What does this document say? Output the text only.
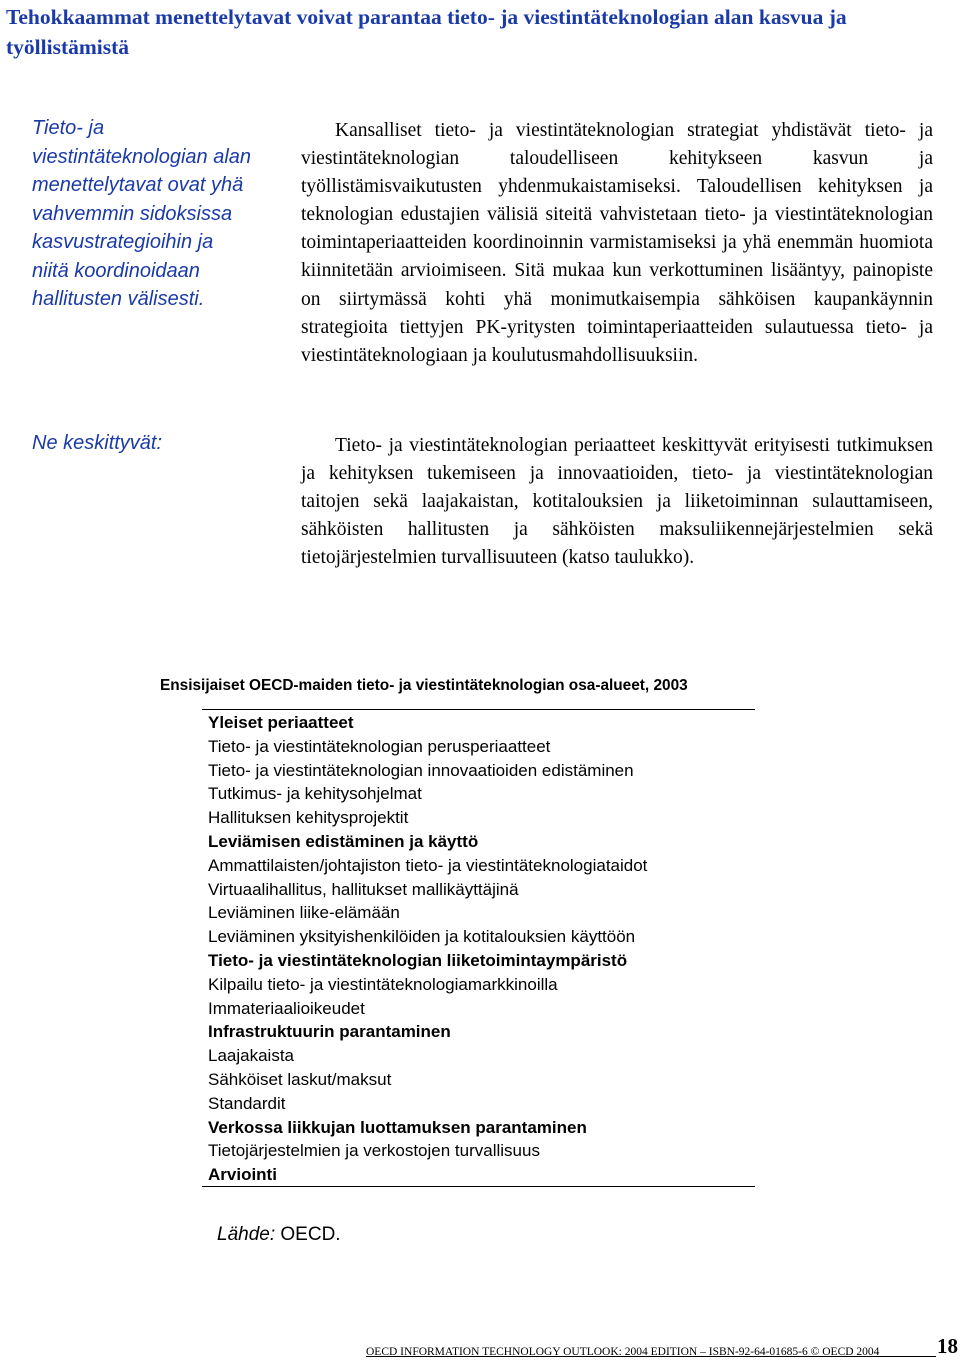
Tehokkaammat menettelytavat voivat parantaa tieto- ja viestintäteknologian alan kasvua ja työllistämistä
Tieto- ja viestintäteknologian alan menettelytavat ovat yhä vahvemmin sidoksissa kasvustrategioihin ja niitä koordinoidaan hallitusten välisesti.
Ne keskittyvät:
Kansalliset tieto- ja viestintäteknologian strategiat yhdistävät tieto- ja viestintäteknologian taloudelliseen kehitykseen kasvun ja työllistämisvaikutusten yhdenmukaistamiseksi. Taloudellisen kehityksen ja teknologian edustajien välisiä siteitä vahvistetaan tieto- ja viestintäteknologian toimintaperiaatteiden koordinoinnin varmistamiseksi ja yhä enemmän huomiota kiinnitetään arvioimiseen. Sitä mukaa kun verkottuminen lisääntyy, painopiste on siirtymässä kohti yhä monimutkaisempia sähköisen kaupankäynnin strategioita tiettyjen PK-yritysten toimintaperiaatteiden sulautuessa tieto- ja viestintäteknologiaan ja koulutusmahdollisuuksiin.
Tieto- ja viestintäteknologian periaatteet keskittyvät erityisesti tutkimuksen ja kehityksen tukemiseen ja innovaatioiden, tieto- ja viestintäteknologian taitojen sekä laajakaistan, kotitalouksien ja liiketoiminnan sulauttamiseen, sähköisten hallitusten ja sähköisten maksuliikennejärjestelmien sekä tietojärjestelmien turvallisuuteen (katso taulukko).
Ensisijaiset OECD-maiden tieto- ja viestintäteknologian osa-alueet, 2003
Yleiset periaatteet
Tieto- ja viestintäteknologian perusperiaatteet
Tieto- ja viestintäteknologian innovaatioiden edistäminen
Tutkimus- ja kehitysohjelmat
Hallituksen kehitysprojektit
Leviämisen edistäminen ja käyttö
Ammattilaisten/johtajiston tieto- ja viestintäteknologiataidot
Virtuaalihallitus, hallitukset mallikäyttäjinä
Leviäminen liike-elämään
Leviäminen yksityishenkilöiden ja kotitalouksien käyttöön
Tieto- ja viestintäteknologian liiketoimintaympäristö
Kilpailu tieto- ja viestintäteknologiamarkkinoilla
Immateriaalioikeudet
Infrastruktuurin parantaminen
Laajakaista
Sähköiset laskut/maksut
Standardit
Verkossa liikkujan luottamuksen parantaminen
Tietojärjestelmien ja verkostojen turvallisuus
Arviointi
Lähde: OECD.
OECD INFORMATION TECHNOLOGY OUTLOOK: 2004 EDITION – ISBN-92-64-01685-6 © OECD 2004	18
